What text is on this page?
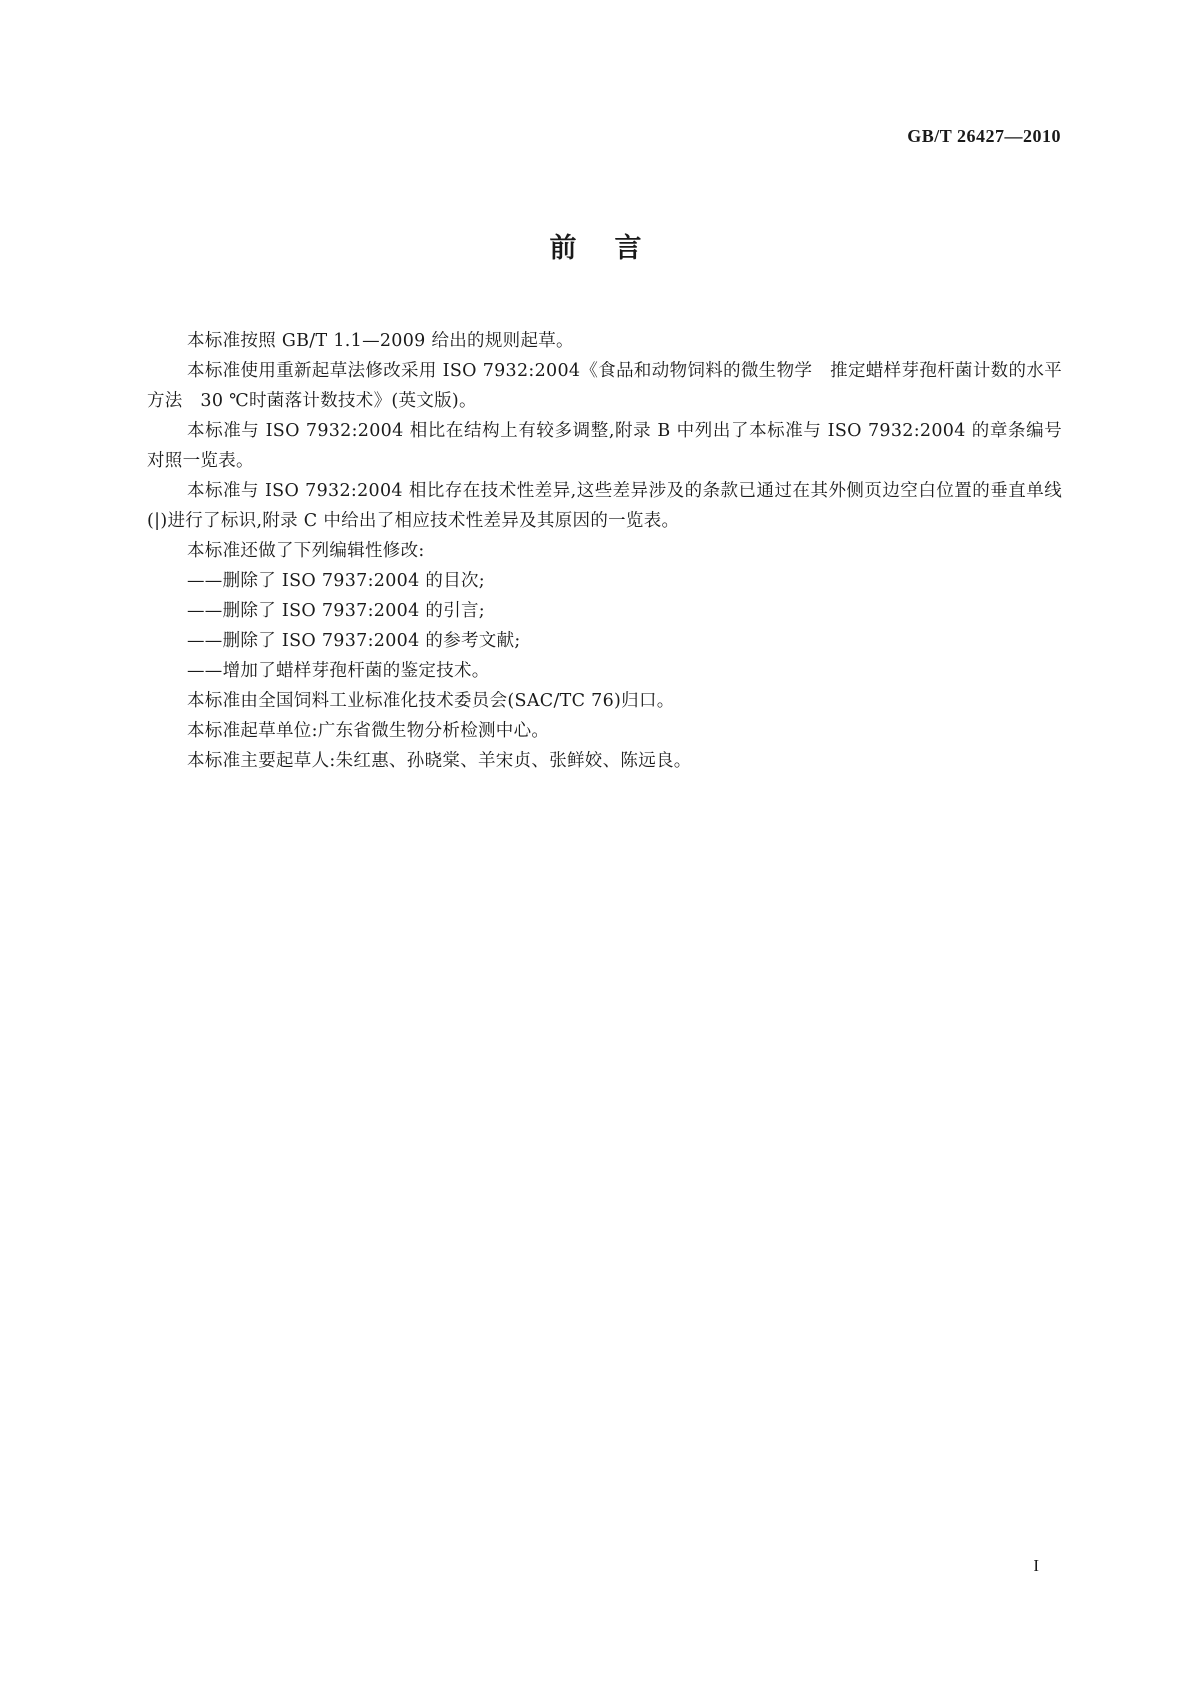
GB/T 26427—2010
前言

本标准按照 GB/T 1.1—2009 给出的规则起草。

本标准使用重新起草法修改采用 ISO 7932:2004《食品和动物饲料的微生物学　推定蜡样芽孢杆菌计数的水平方法　30 ℃时菌落计数技术》(英文版)。

本标准与 ISO 7932:2004 相比在结构上有较多调整,附录 B 中列出了本标准与 ISO 7932:2004 的章条编号对照一览表。

本标准与 ISO 7932:2004 相比存在技术性差异,这些差异涉及的条款已通过在其外侧页边空白位置的垂直单线(|)进行了标识,附录 C 中给出了相应技术性差异及其原因的一览表。

本标准还做了下列编辑性修改:

——删除了 ISO 7937:2004 的目次;

——删除了 ISO 7937:2004 的引言;

——删除了 ISO 7937:2004 的参考文献;

——增加了蜡样芽孢杆菌的鉴定技术。

本标准由全国饲料工业标准化技术委员会(SAC/TC 76)归口。

本标准起草单位:广东省微生物分析检测中心。

本标准主要起草人:朱红惠、孙晓棠、羊宋贞、张鲜姣、陈远良。

I
